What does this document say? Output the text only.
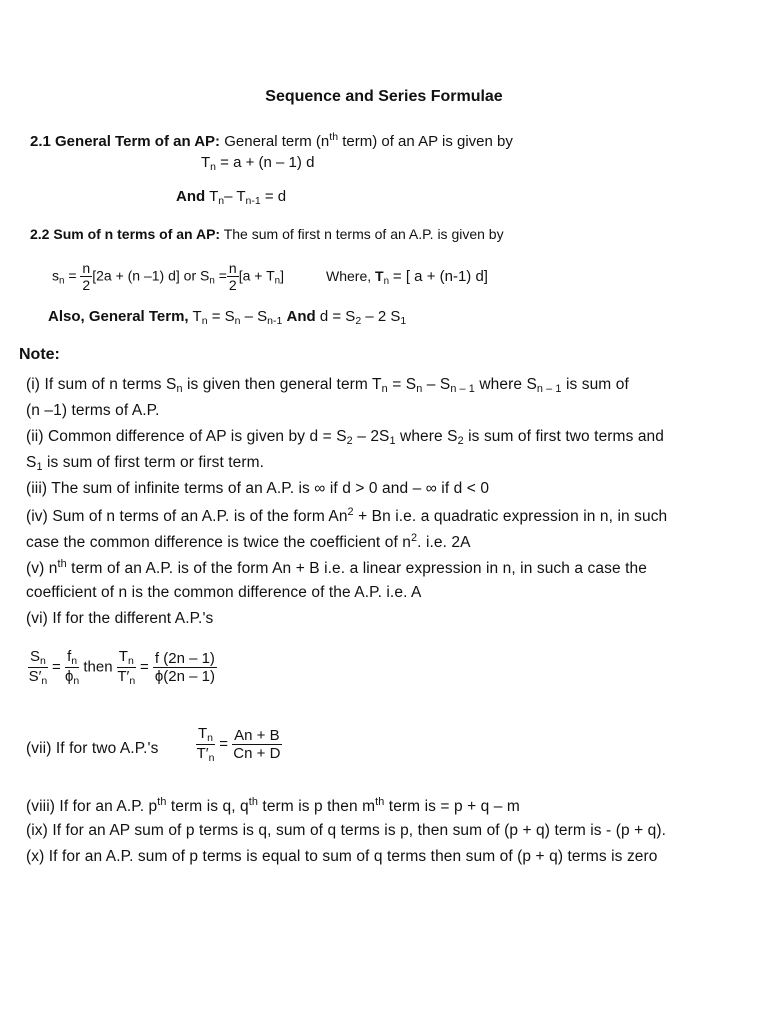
Sequence and Series Formulae
2.1 General Term of an AP: General term ($n^{th}$ term) of an AP is given by
$T_n = a + (n - 1)$ d
And $T_n-$ $T_{n-1} = d$
2.2 Sum of n terms of an AP: The sum of first n terms of an A.P. is given by
$s_n = \frac{n}{2} [2a + (n$ –1) d] or $S_n = \frac{n}{2} [a + T_n]$	Where, $T_n$ = [ a + (n-1) d]
Also, General Term, $T_n = S_n - S_{n-1}$ And $d = S_2 - 2$ $S_1$
Note:
(i) If sum of n terms $S_n$ is given then general term $T_n = S_n - S_{n - 1}$ where $S_{n - 1}$ is sum of
(n –1) terms of A.P.
(ii) Common difference of AP is given by $d = S_2 - 2S_1$ where $S_2$ is sum of first two terms and
$S_1$ is sum of first term or first term.
(iii) The sum of infinite terms of an A.P. is ∞ if d > 0 and – ∞ if d < 0
(iv) Sum of n terms of an A.P. is of the form $An^2 + Bn$ i.e. a quadratic expression in n, in such
case the common difference is twice the coefficient of $n^2$. i.e. 2A
(v) $n^{th}$ term of an A.P. is of the form An + B i.e. a linear expression in n, in such a case the
coefficient of n is the common difference of the A.P. i.e. A
(vi) If for the different A.P.'s
$\frac{S_n}{S'_n} = \frac{f_n}{\phi_n}$ then $\frac{T_n}{T'_n} = \frac{f (2n - 1)}{\phi(2n - 1)}$
(vii) If for two A.P.'s	$\frac{T_n}{T'_n} = \frac{An + B}{Cn + D}$
(viii) If for an A.P. $p^{th}$ term is q, $q^{th}$ term is p then $m^{th}$ term is = p + q – m
(ix) If for an AP sum of p terms is q, sum of q terms is p, then sum of (p + q) term is - (p + q).
(x) If for an A.P. sum of p terms is equal to sum of q terms then sum of (p + q) terms is zero
